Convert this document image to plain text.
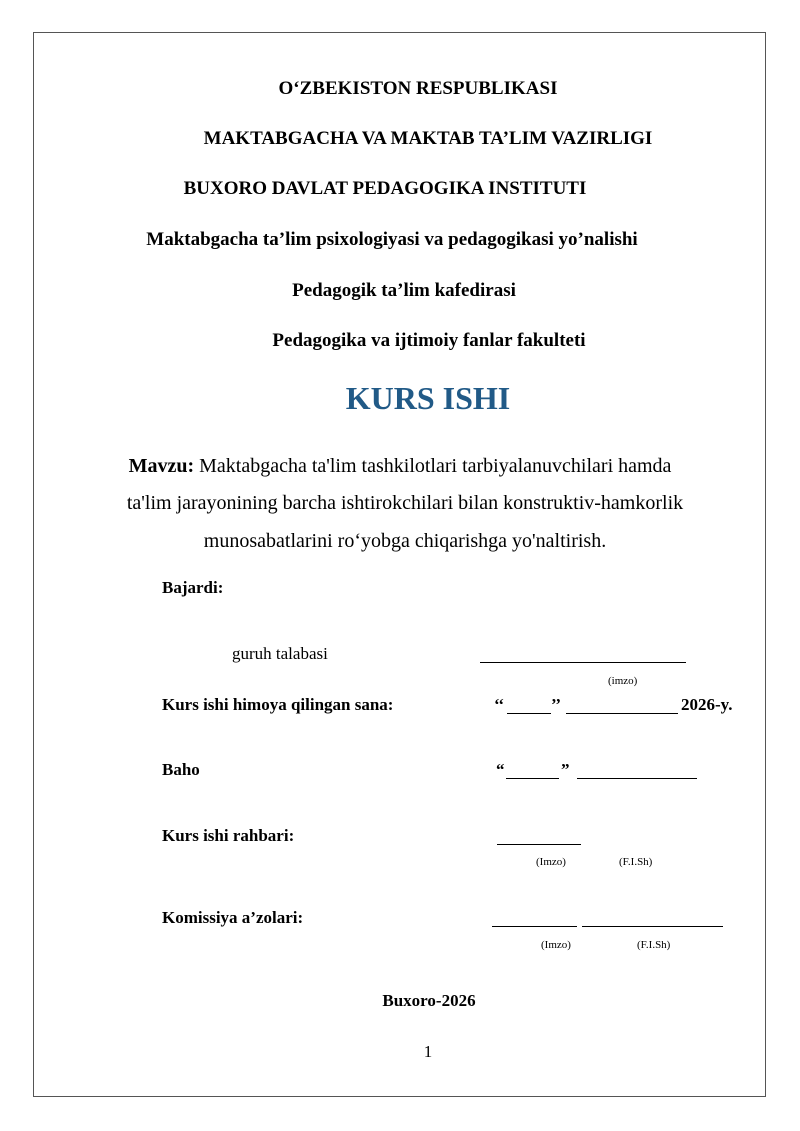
O‘ZBEKISTON RESPUBLIKASI
MAKTABGACHA VA MAKTAB TA’LIM VAZIRLIGI
BUXORO DAVLAT PEDAGOGIKA INSTITUTI
Maktabgacha ta’lim psixologiyasi va pedagogikasi yo’nalishi
Pedagogik ta’lim kafedirasi
Pedagogika va ijtimoiy fanlar fakulteti
KURS ISHI
Mavzu: Maktabgacha ta'lim tashkilotlari tarbiyalanuvchilari hamda
ta'lim jarayonining barcha ishtirokchilari bilan konstruktiv-hamkorlik
munosabatlarini ro‘yobga chiqarishga yo'naltirish.
Bajardi:
guruh talabasi
(imzo)
Kurs ishi himoya qilingan sana:	‘‘	’’	2026-y.
Baho	“	”
Kurs ishi rahbari:
(Imzo)	(F.I.Sh)
Komissiya a’zolari:
(Imzo)	(F.I.Sh)
Buxoro-2026
1
